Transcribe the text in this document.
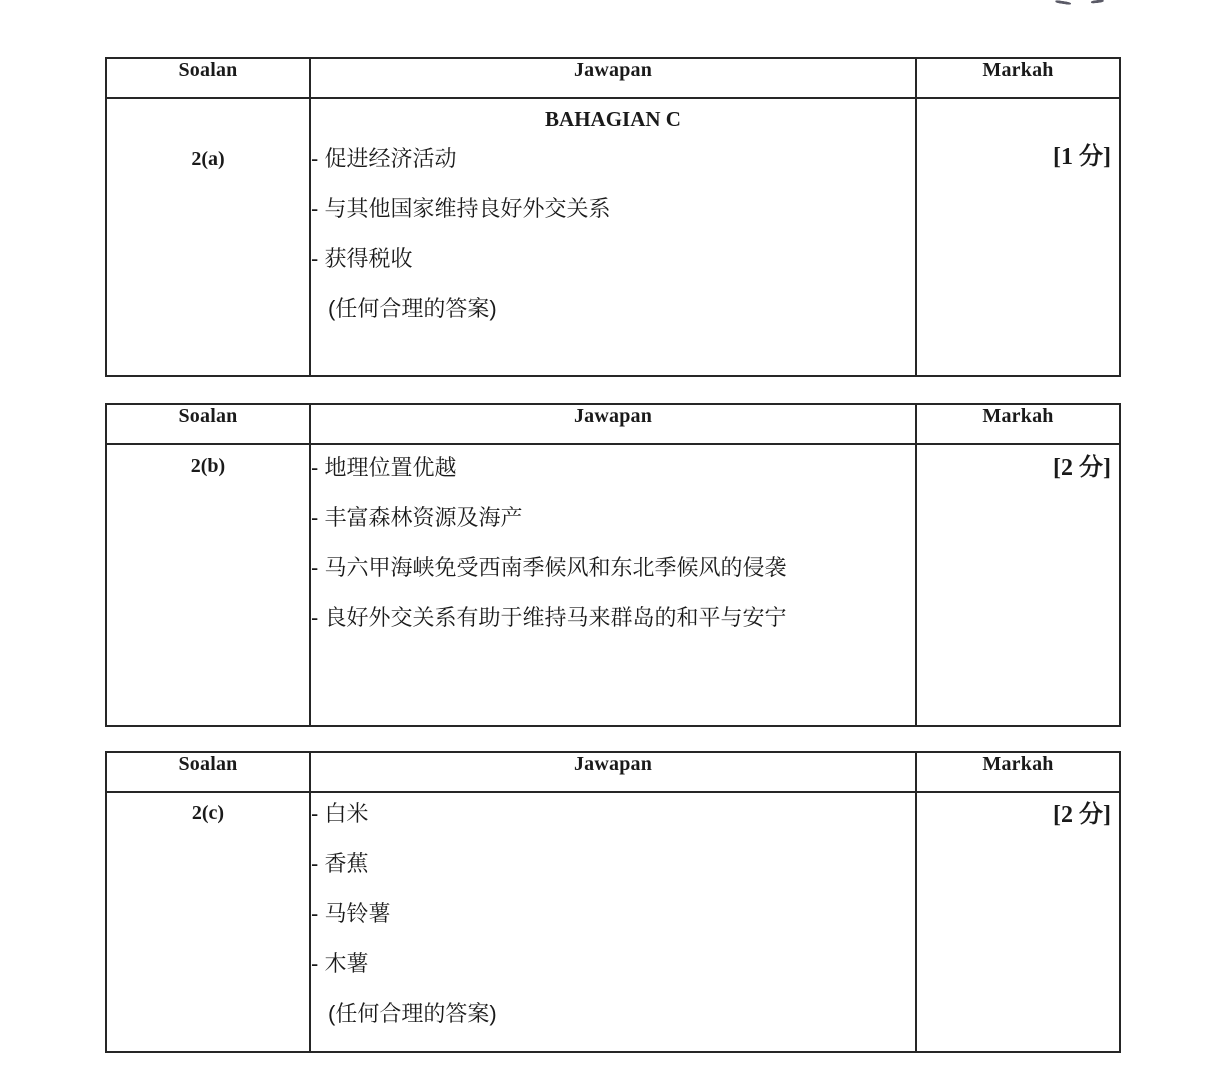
Soalan	Jawapan	Markah

2(a)	BAHAGIAN C
- 促进经济活动
- 与其他国家维持良好外交关系
- 获得税收
(任何合理的答案)	[1 分]
Soalan	Jawapan	Markah

2(b)	- 地理位置优越
- 丰富森林资源及海产
- 马六甲海峡免受西南季候风和东北季候风的侵袭
- 良好外交关系有助于维持马来群岛的和平与安宁	[2 分]
Soalan	Jawapan	Markah

2(c)	- 白米
- 香蕉
- 马铃薯
- 木薯
(任何合理的答案)	[2 分]
